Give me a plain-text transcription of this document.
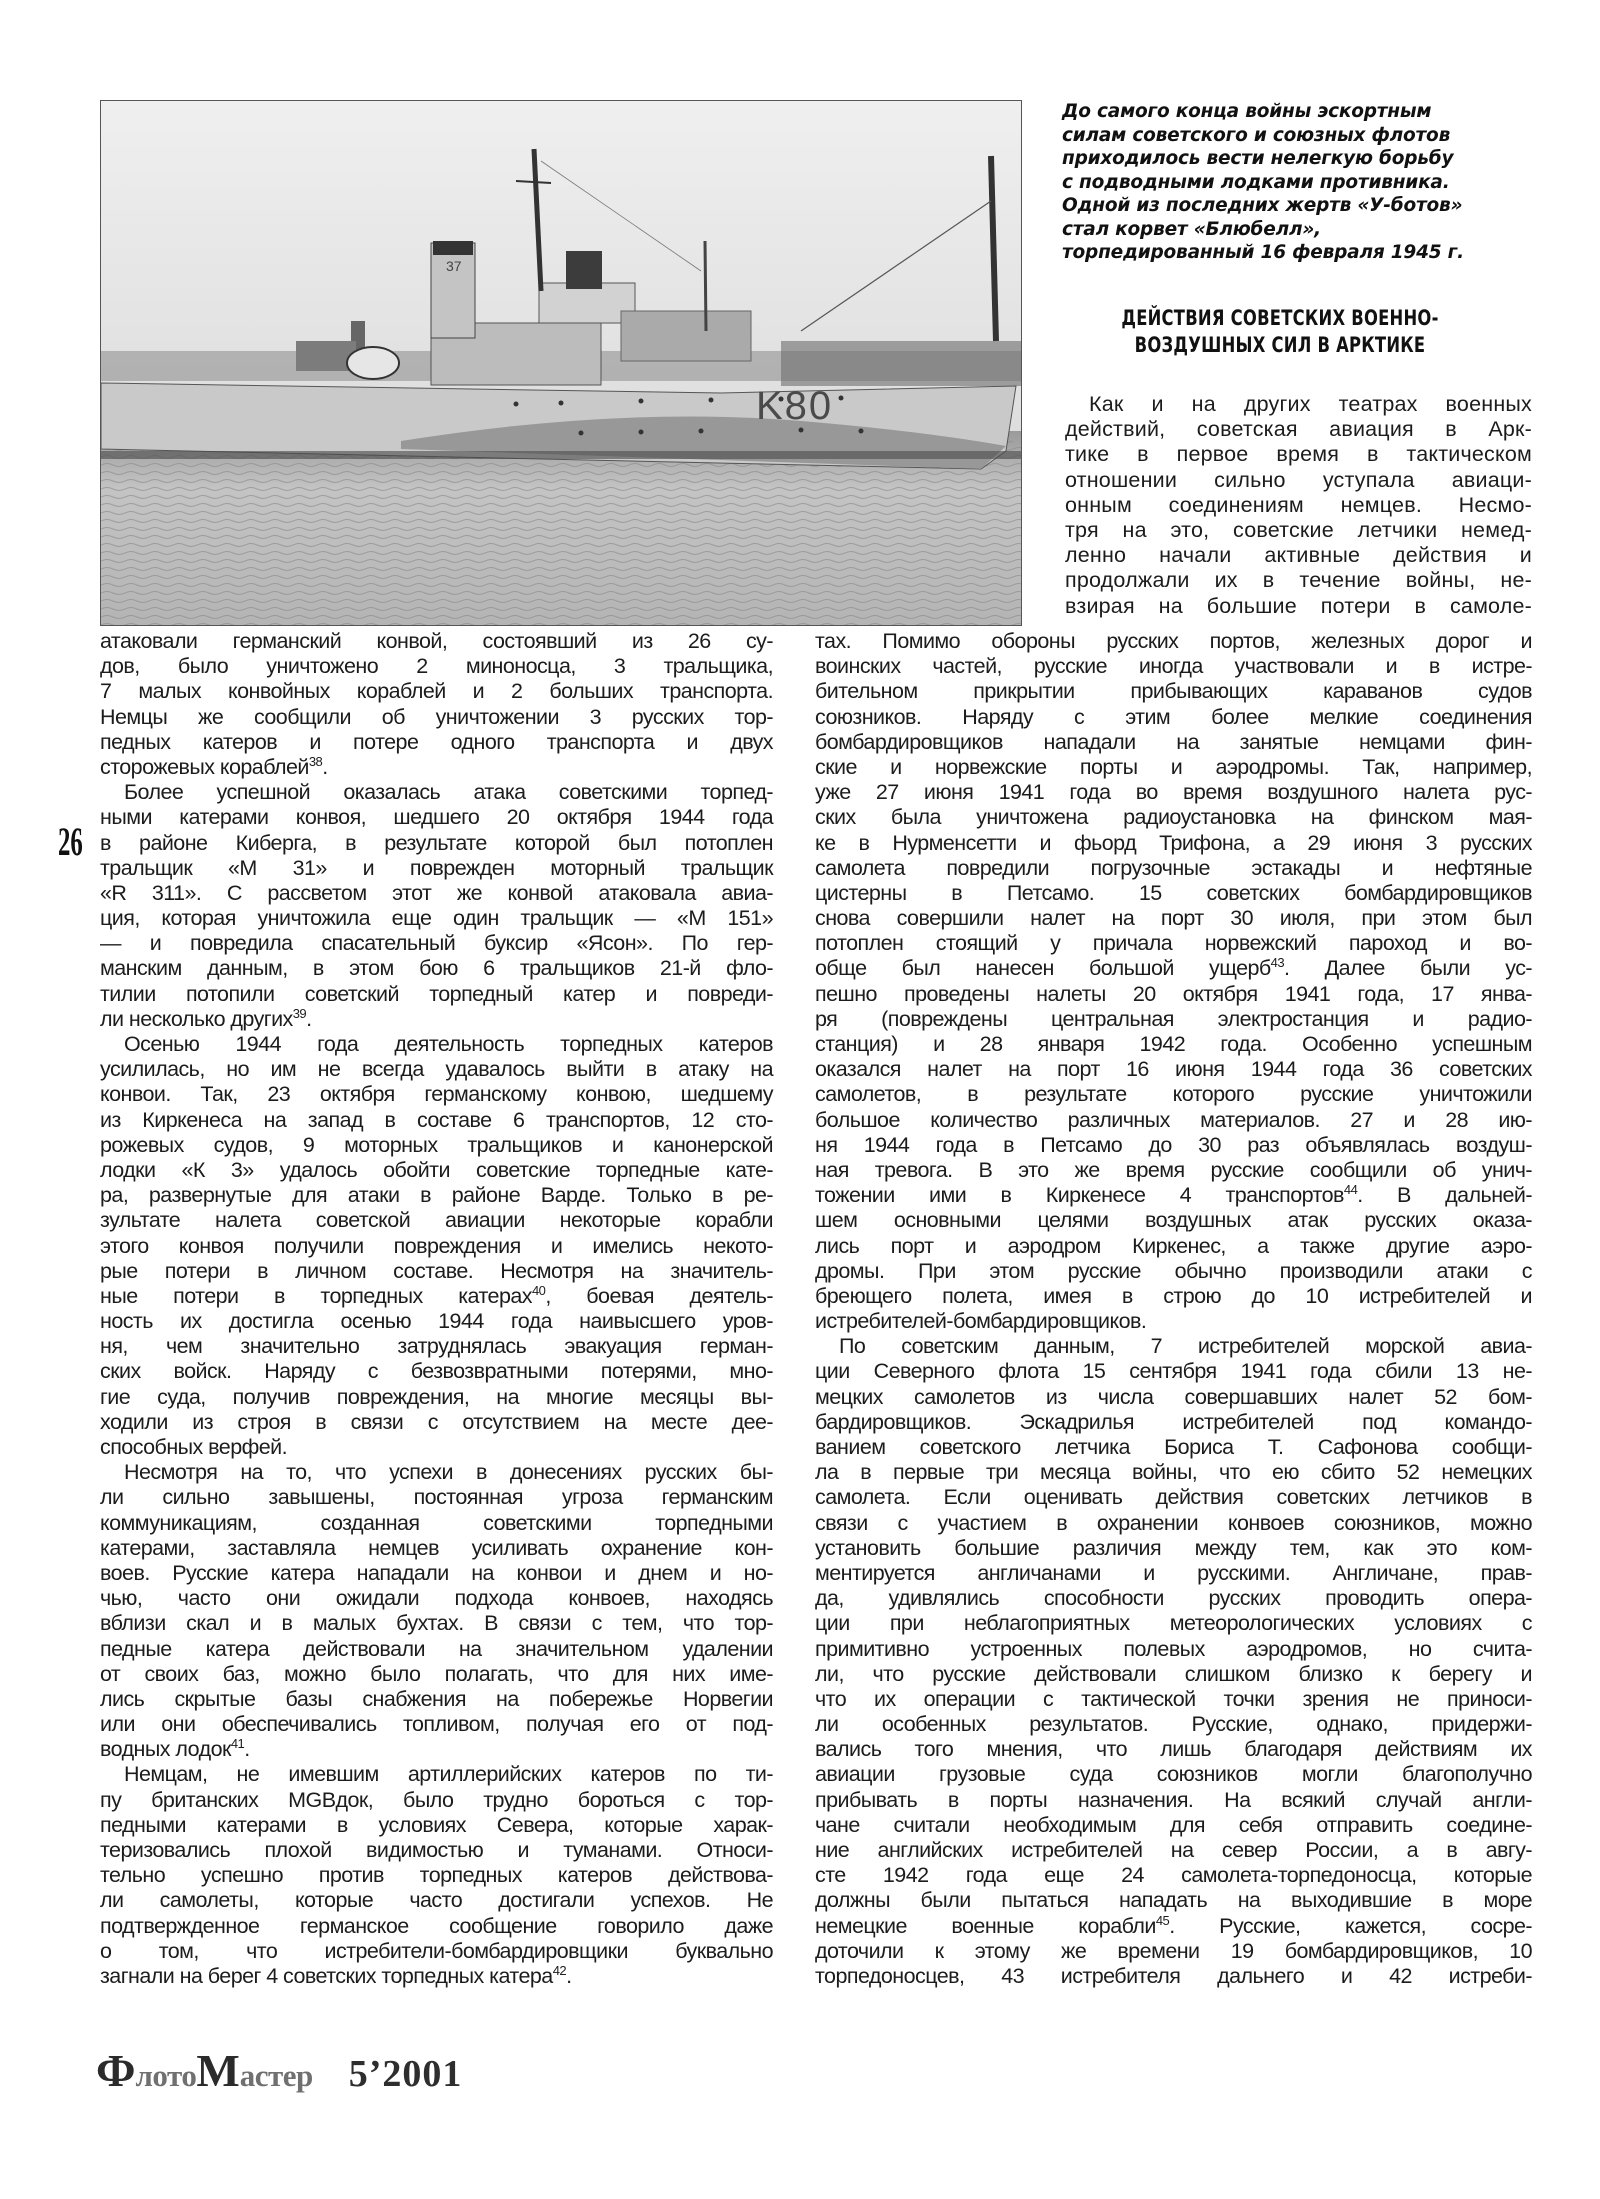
K80
37
До самого конца войны эскортным
силам советского и союзных флотов
приходилось вести нелегкую борьбу
с подводными лодками противника.
Одной из последних жертв «У-ботов»
стал корвет «Блюбелл»,
торпедированный 16 февраля 1945 г.
ДЕЙСТВИЯ СОВЕТСКИХ ВОЕННО-
ВОЗДУШНЫХ СИЛ В АРКТИКЕ
Как и на других театрах военных
действий, советская авиация в Арк-
тике в первое время в тактическом
отношении сильно уступала авиаци-
онным соединениям немцев. Несмо-
тря на это, советские летчики немед-
ленно начали активные действия и
продолжали их в течение войны, не-
взирая на большие потери в самоле-
атаковали германский конвой, состоявший из 26 су-
дов, было уничтожено 2 миноносца, 3 тральщика,
7 малых конвойных кораблей и 2 больших транспорта.
Немцы же сообщили об уничтожении 3 русских тор-
педных катеров и потере одного транспорта и двух
сторожевых кораблей$^{38}$.
Более успешной оказалась атака советскими торпед-
ными катерами конвоя, шедшего 20 октября 1944 года
в районе Киберга, в результате которой был потоплен
тральщик «М 31» и поврежден моторный тральщик
«R 311». С рассветом этот же конвой атаковала авиа-
ция, которая уничтожила еще один тральщик — «М 151»
— и повредила спасательный буксир «Ясон». По гер-
манским данным, в этом бою 6 тральщиков 21-й фло-
тилии потопили советский торпедный катер и повреди-
ли несколько других$^{39}$.
Осенью 1944 года деятельность торпедных катеров
усилилась, но им не всегда удавалось выйти в атаку на
конвои. Так, 23 октября германскому конвою, шедшему
из Киркенеса на запад в составе 6 транспортов, 12 сто-
рожевых судов, 9 моторных тральщиков и канонерской
лодки «К 3» удалось обойти советские торпедные кате-
ра, развернутые для атаки в районе Варде. Только в ре-
зультате налета советской авиации некоторые корабли
этого конвоя получили повреждения и имелись некото-
рые потери в личном составе. Несмотря на значитель-
ные потери в торпедных катерах$^{40}$, боевая деятель-
ность их достигла осенью 1944 года наивысшего уров-
ня, чем значительно затруднялась эвакуация герман-
ских войск. Наряду с безвозвратными потерями, мно-
гие суда, получив повреждения, на многие месяцы вы-
ходили из строя в связи с отсутствием на месте дее-
способных верфей.
Несмотря на то, что успехи в донесениях русских бы-
ли сильно завышены, постоянная угроза германским
коммуникациям, созданная советскими торпедными
катерами, заставляла немцев усиливать охранение кон-
воев. Русские катера нападали на конвои и днем и но-
чью, часто они ожидали подхода конвоев, находясь
вблизи скал и в малых бухтах. В связи с тем, что тор-
педные катера действовали на значительном удалении
от своих баз, можно было полагать, что для них име-
лись скрытые базы снабжения на побережье Норвегии
или они обеспечивались топливом, получая его от под-
водных лодок$^{41}$.
Немцам, не имевшим артиллерийских катеров по ти-
пу британских MGBдок, было трудно бороться с тор-
педными катерами в условиях Севера, которые харак-
теризовались плохой видимостью и туманами. Относи-
тельно успешно против торпедных катеров действова-
ли самолеты, которые часто достигали успехов. Не
подтвержденное германское сообщение говорило даже
о том, что истребители-бомбардировщики буквально
загнали на берег 4 советских торпедных катера$^{42}$.
тах. Помимо обороны русских портов, железных дорог и
воинских частей, русские иногда участвовали и в истре-
бительном прикрытии прибывающих караванов судов
союзников. Наряду с этим более мелкие соединения
бомбардировщиков нападали на занятые немцами фин-
ские и норвежские порты и аэродромы. Так, например,
уже 27 июня 1941 года во время воздушного налета рус-
ских была уничтожена радиоустановка на финском мая-
ке в Нурменсетти и фьорд Трифона, а 29 июня 3 русских
самолета повредили погрузочные эстакады и нефтяные
цистерны в Петсамо. 15 советских бомбардировщиков
снова совершили налет на порт 30 июля, при этом был
потоплен стоящий у причала норвежский пароход и во-
обще был нанесен большой ущерб$^{43}$. Далее были ус-
пешно проведены налеты 20 октября 1941 года, 17 янва-
ря (повреждены центральная электростанция и радио-
станция) и 28 января 1942 года. Особенно успешным
оказался налет на порт 16 июня 1944 года 36 советских
самолетов, в результате которого русские уничтожили
большое количество различных материалов. 27 и 28 ию-
ня 1944 года в Петсамо до 30 раз объявлялась воздуш-
ная тревога. В это же время русские сообщили об унич-
тожении ими в Киркенесе 4 транспортов$^{44}$. В дальней-
шем основными целями воздушных атак русских оказа-
лись порт и аэродром Киркенес, а также другие аэро-
дромы. При этом русские обычно производили атаки с
бреющего полета, имея в строю до 10 истребителей и
истребителей-бомбардировщиков.
По советским данным, 7 истребителей морской авиа-
ции Северного флота 15 сентября 1941 года сбили 13 не-
мецких самолетов из числа совершавших налет 52 бом-
бардировщиков. Эскадрилья истребителей под командо-
ванием советского летчика Бориса Т. Сафонова сообщи-
ла в первые три месяца войны, что ею сбито 52 немецких
самолета. Если оценивать действия советских летчиков в
связи с участием в охранении конвоев союзников, можно
установить большие различия между тем, как это ком-
ментируется англичанами и русскими. Англичане, прав-
да, удивлялись способности русских проводить опера-
ции при неблагоприятных метеорологических условиях с
примитивно устроенных полевых аэродромов, но счита-
ли, что русские действовали слишком близко к берегу и
что их операции с тактической точки зрения не приноси-
ли особенных результатов. Русские, однако, придержи-
вались того мнения, что лишь благодаря действиям их
авиации грузовые суда союзников могли благополучно
прибывать в порты назначения. На всякий случай англи-
чане считали необходимым для себя отправить соедине-
ние английских истребителей на север России, а в авгу-
сте 1942 года еще 24 самолета-торпедоносца, которые
должны были пытаться нападать на выходившие в море
немецкие военные корабли$^{45}$. Русские, кажется, сосре-
доточили к этому же времени 19 бомбардировщиков, 10
торпедоносцев, 43 истребителя дальнего и 42 истреби-
26
ФлотоМастер 5’2001
